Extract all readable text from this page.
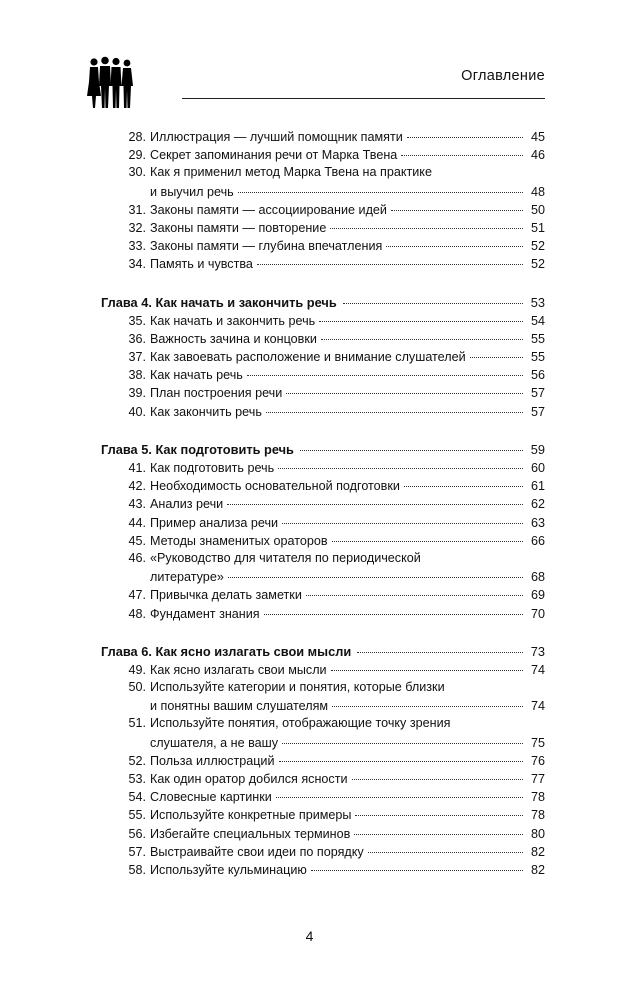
Оглавление
28. Иллюстрация — лучший помощник памяти	45
29. Секрет запоминания речи от Марка Твена	46
30. Как я применил метод Марка Твена на практике
и выучил речь	48
31. Законы памяти — ассоциирование идей	50
32. Законы памяти — повторение	51
33. Законы памяти — глубина впечатления	52
34. Память и чувства	52
Глава 4. Как начать и закончить речь	53
35. Как начать и закончить речь	54
36. Важность зачина и концовки	55
37. Как завоевать расположение и внимание слушателей	55
38. Как начать речь	56
39. План построения речи	57
40. Как закончить речь	57
Глава 5. Как подготовить речь	59
41. Как подготовить речь	60
42. Необходимость основательной подготовки	61
43. Анализ речи	62
44. Пример анализа речи	63
45. Методы знаменитых ораторов	66
46. «Руководство для читателя по периодической
литературе»	68
47. Привычка делать заметки	69
48. Фундамент знания	70
Глава 6. Как ясно излагать свои мысли	73
49. Как ясно излагать свои мысли	74
50. Используйте категории и понятия, которые близки
и понятны вашим слушателям	74
51. Используйте понятия, отображающие точку зрения
слушателя, а не вашу	75
52. Польза иллюстраций	76
53. Как один оратор добился ясности	77
54. Словесные картинки	78
55. Используйте конкретные примеры	78
56. Избегайте специальных терминов	80
57. Выстраивайте свои идеи по порядку	82
58. Используйте кульминацию	82
4
